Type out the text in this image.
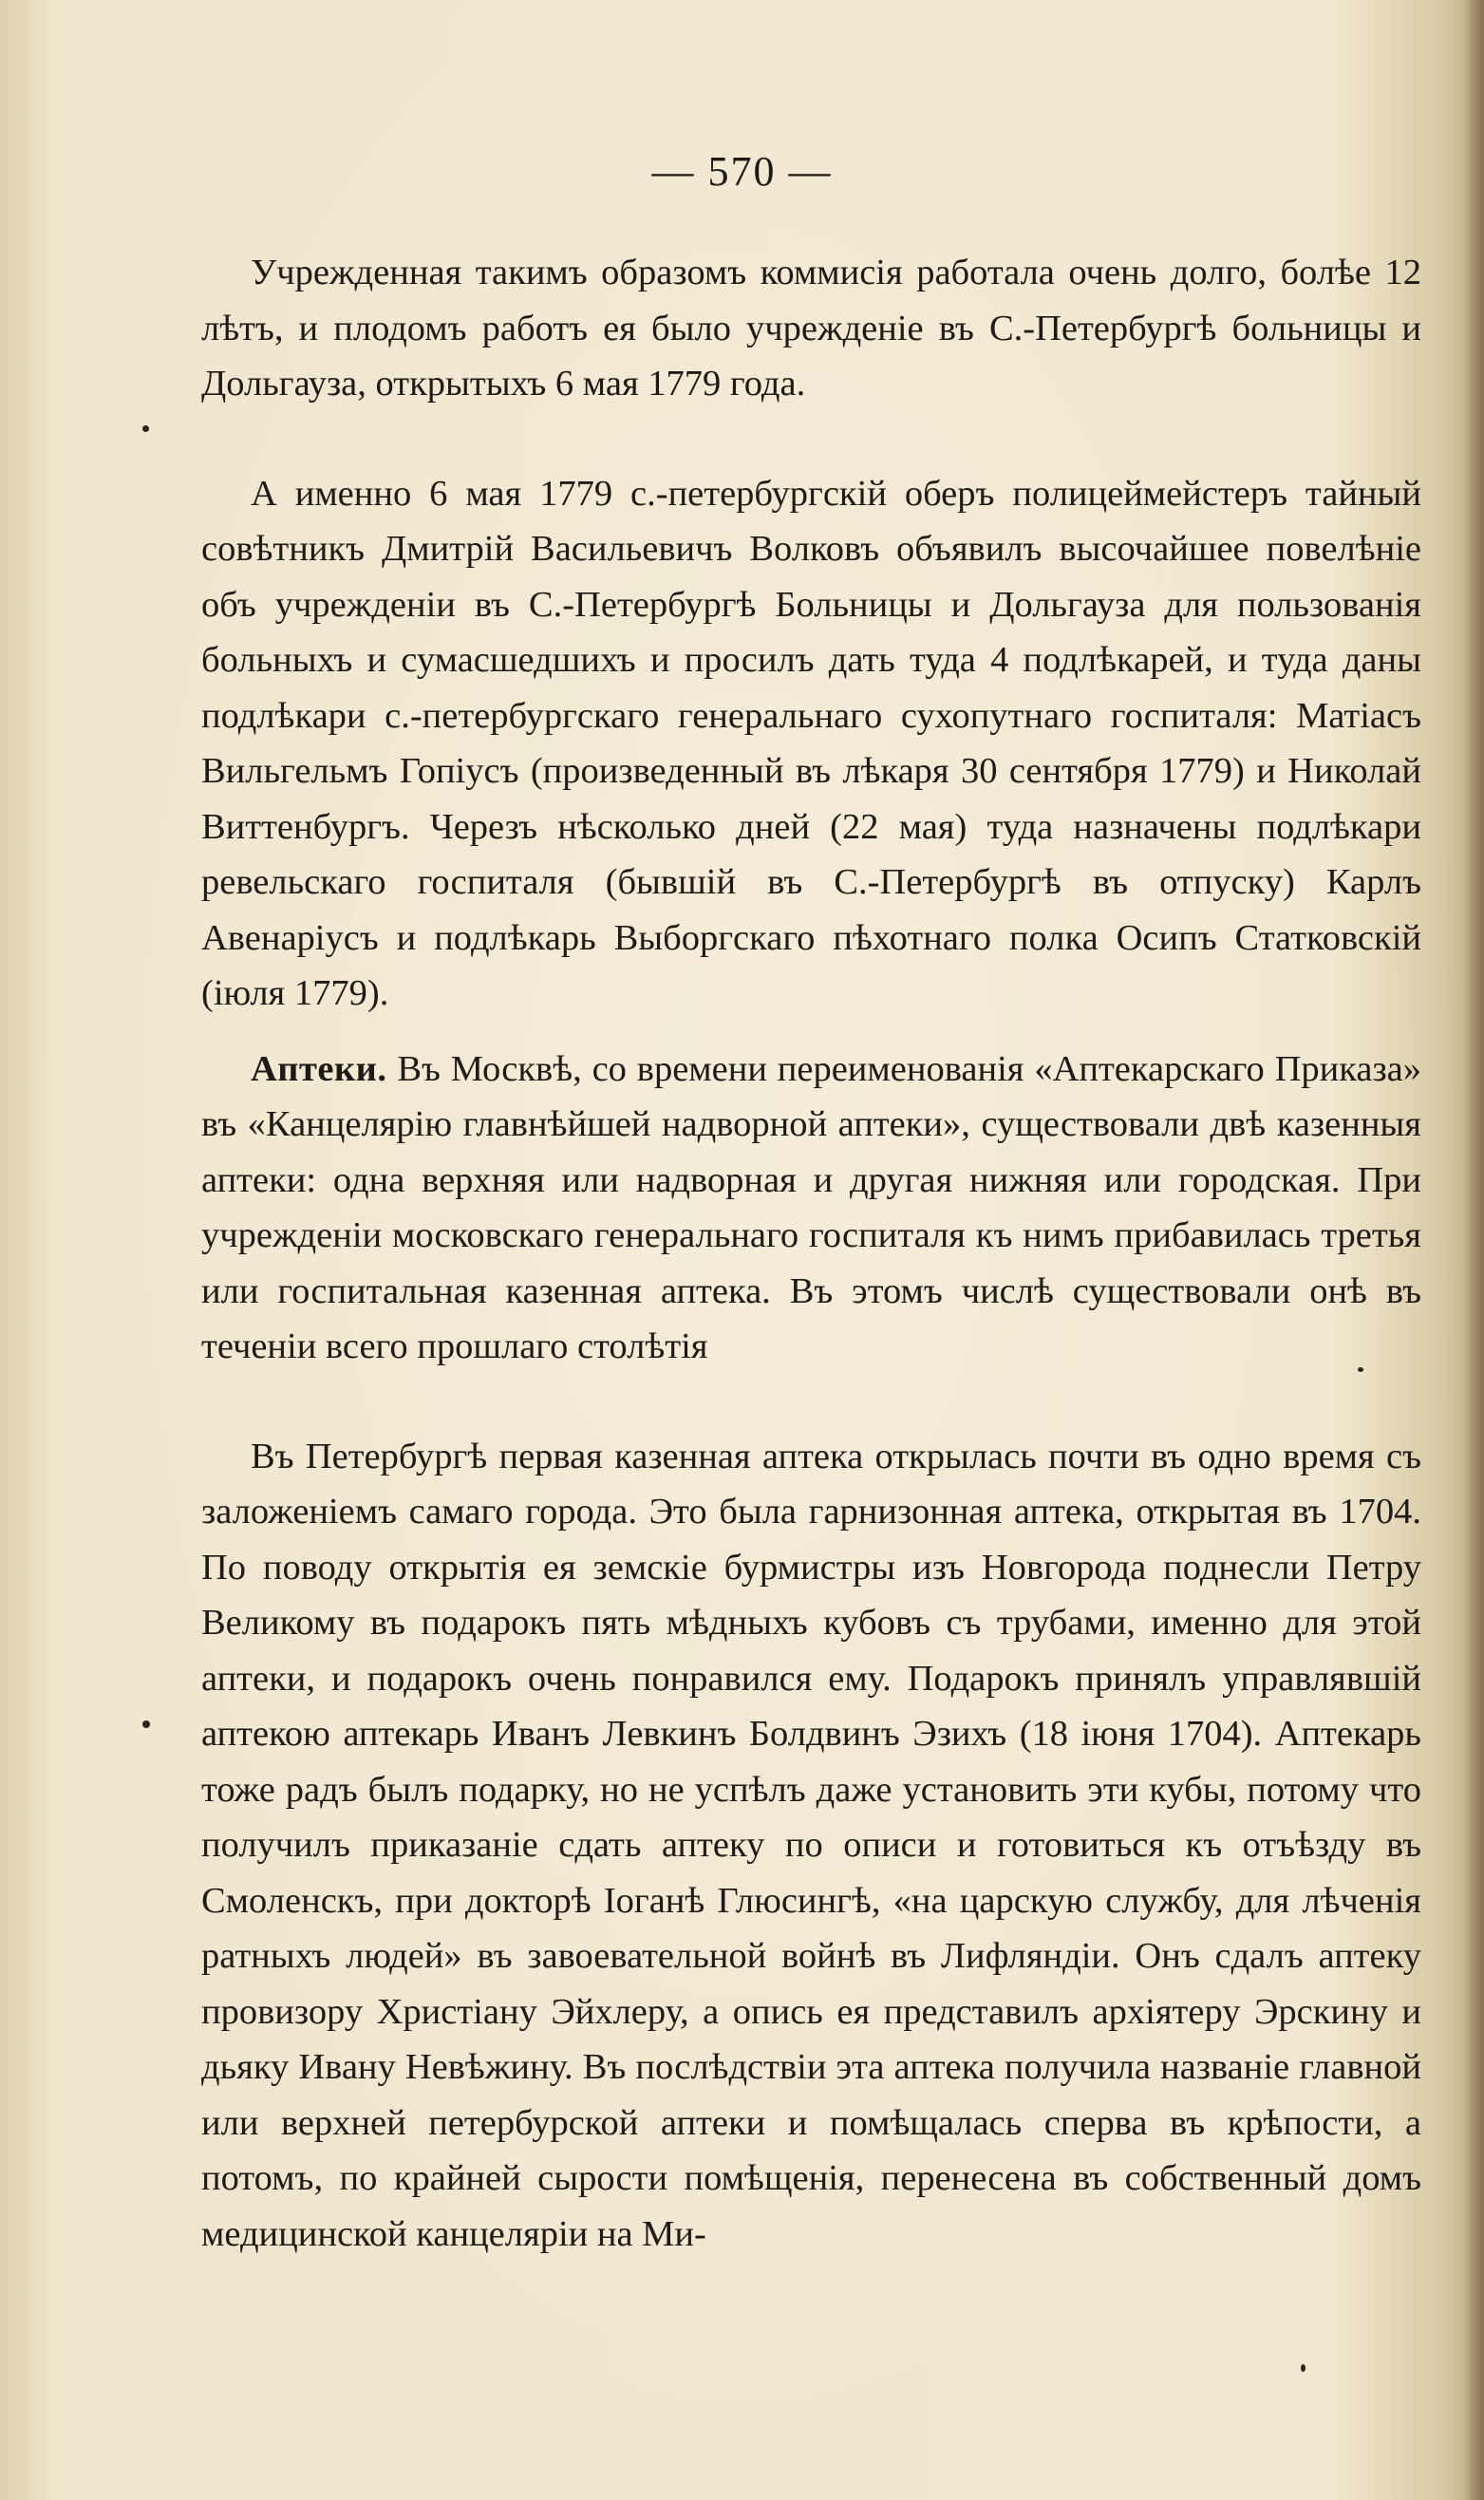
— 570 —

Учрежденная такимъ образомъ коммисія работала очень долго, болѣе 12 лѣтъ, и плодомъ работъ ея было учрежденіе въ С.-Петербургѣ больницы и Дольгауза, открытыхъ 6 мая 1779 года.

А именно 6 мая 1779 с.-петербургскій оберъ полицеймейстеръ тайный совѣтникъ Дмитрій Васильевичъ Волковъ объявилъ высочайшее повелѣніе объ учрежденіи въ С.-Петербургѣ Больницы и Дольгауза для пользованія больныхъ и сумасшедшихъ и просилъ дать туда 4 подлѣкарей, и туда даны подлѣкари с.-петербургскаго генеральнаго сухопутнаго госпиталя: Матіасъ Вильгельмъ Гопіусъ (произведенный въ лѣкаря 30 сентября 1779) и Николай Виттенбургъ. Черезъ нѣсколько дней (22 мая) туда назначены подлѣкари ревельскаго госпиталя (бывшій въ С.-Петербургѣ въ отпуску) Карлъ Авенаріусъ и подлѣкарь Выборгскаго пѣхотнаго полка Осипъ Статковскій (іюля 1779).

Аптеки. Въ Москвѣ, со времени переименованія «Аптекарскаго Приказа» въ «Канцелярію главнѣйшей надворной аптеки», существовали двѣ казенныя аптеки: одна верхняя или надворная и другая нижняя или городская. При учрежденіи московскаго генеральнаго госпиталя къ нимъ прибавилась третья или госпитальная казенная аптека. Въ этомъ числѣ существовали онѣ въ теченіи всего прошлаго столѣтія

Въ Петербургѣ первая казенная аптека открылась почти въ одно время съ заложеніемъ самаго города. Это была гарнизонная аптека, открытая въ 1704. По поводу открытія ея земскіе бурмистры изъ Новгорода поднесли Петру Великому въ подарокъ пять мѣдныхъ кубовъ съ трубами, именно для этой аптеки, и подарокъ очень понравился ему. Подарокъ принялъ управлявшій аптекою аптекарь Иванъ Левкинъ Болдвинъ Эзихъ (18 іюня 1704). Аптекарь тоже радъ былъ подарку, но не успѣлъ даже установить эти кубы, потому что получилъ приказаніе сдать аптеку по описи и готовиться къ отъѣзду въ Смоленскъ, при докторѣ Іоганѣ Глюсингѣ, «на царскую службу, для лѣченія ратныхъ людей» въ завоевательной войнѣ въ Лифляндіи. Онъ сдалъ аптеку провизору Христіану Эйхлеру, а опись ея представилъ архіятеру Эрскину и дьяку Ивану Невѣжину. Въ послѣдствіи эта аптека получила названіе главной или верхней петербурской аптеки и помѣщалась сперва въ крѣпости, а потомъ, по крайней сырости помѣщенія, перенесена въ собственный домъ медицинской канцеляріи на Ми-
